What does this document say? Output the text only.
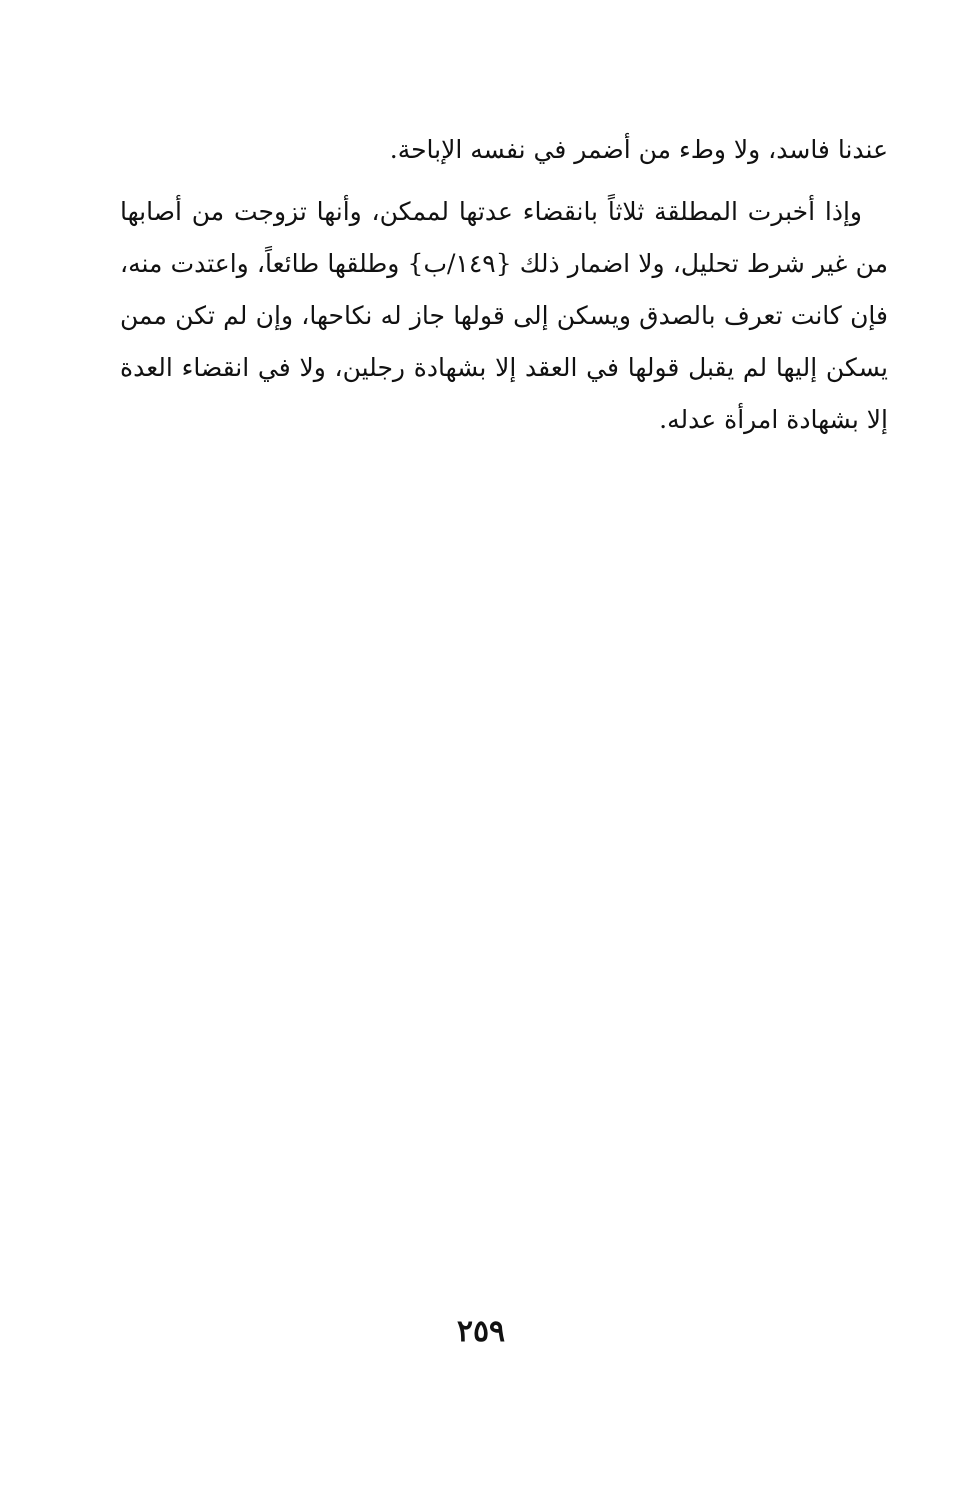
عندنا فاسد، ولا وطء من أضمر في نفسه الإباحة.

وإذا أخبرت المطلقة ثلاثاً بانقضاء عدتها لممكن، وأنها تزوجت من أصابها من غير شرط تحليل، ولا اضمار ذلك {١٤٩/ب} وطلقها طائعاً، واعتدت منه، فإن كانت تعرف بالصدق ويسكن إلى قولها جاز له نكاحها، وإن لم تكن ممن يسكن إليها لم يقبل قولها في العقد إلا بشهادة رجلين، ولا في انقضاء العدة إلا بشهادة امرأة عدله.

٢٥٩
